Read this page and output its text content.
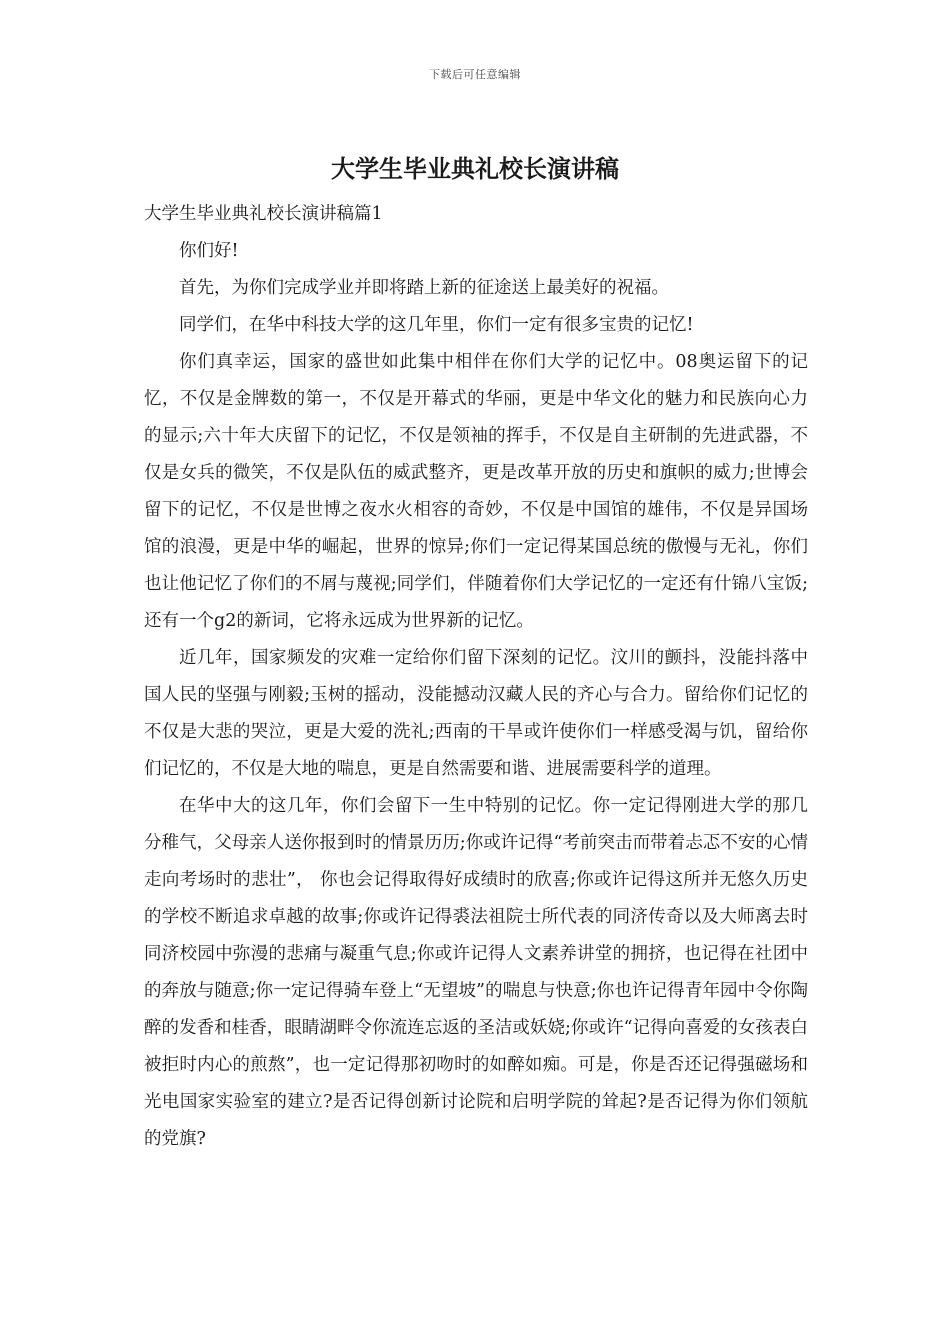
下载后可任意编辑
大学生毕业典礼校长演讲稿

大学生毕业典礼校长演讲稿篇1

你们好!

首先，为你们完成学业并即将踏上新的征途送上最美好的祝福。

同学们，在华中科技大学的这几年里，你们一定有很多宝贵的记忆!

你们真幸运，国家的盛世如此集中相伴在你们大学的记忆中。08奥运留下的记忆，不仅是金牌数的第一，不仅是开幕式的华丽，更是中华文化的魅力和民族向心力的显示;六十年大庆留下的记忆，不仅是领袖的挥手，不仅是自主研制的先进武器，不仅是女兵的微笑，不仅是队伍的威武整齐，更是改革开放的历史和旗帜的威力;世博会留下的记忆，不仅是世博之夜水火相容的奇妙，不仅是中国馆的雄伟，不仅是异国场馆的浪漫，更是中华的崛起，世界的惊异;你们一定记得某国总统的傲慢与无礼，你们也让他记忆了你们的不屑与蔑视;同学们，伴随着你们大学记忆的一定还有什锦八宝饭;还有一个g2的新词，它将永远成为世界新的记忆。

近几年，国家频发的灾难一定给你们留下深刻的记忆。汶川的颤抖，没能抖落中国人民的坚强与刚毅;玉树的摇动，没能撼动汉藏人民的齐心与合力。留给你们记忆的不仅是大悲的哭泣，更是大爱的洗礼;西南的干旱或许使你们一样感受渴与饥，留给你们记忆的，不仅是大地的喘息，更是自然需要和谐、进展需要科学的道理。

在华中大的这几年，你们会留下一生中特别的记忆。你一定记得刚进大学的那几分稚气，父母亲人送你报到时的情景历历;你或许记得“考前突击而带着忐忑不安的心情走向考场时的悲壮”， 你也会记得取得好成绩时的欣喜;你或许记得这所并无悠久历史的学校不断追求卓越的故事;你或许记得裘法祖院士所代表的同济传奇以及大师离去时同济校园中弥漫的悲痛与凝重气息;你或许记得人文素养讲堂的拥挤，也记得在社团中的奔放与随意;你一定记得骑车登上“无望坡”的喘息与快意;你也许记得青年园中令你陶醉的发香和桂香，眼睛湖畔令你流连忘返的圣洁或妖娆;你或许“记得向喜爱的女孩表白被拒时内心的煎熬”，也一定记得那初吻时的如醉如痴。可是，你是否还记得强磁场和光电国家实验室的建立?是否记得创新讨论院和启明学院的耸起?是否记得为你们领航的党旗?
